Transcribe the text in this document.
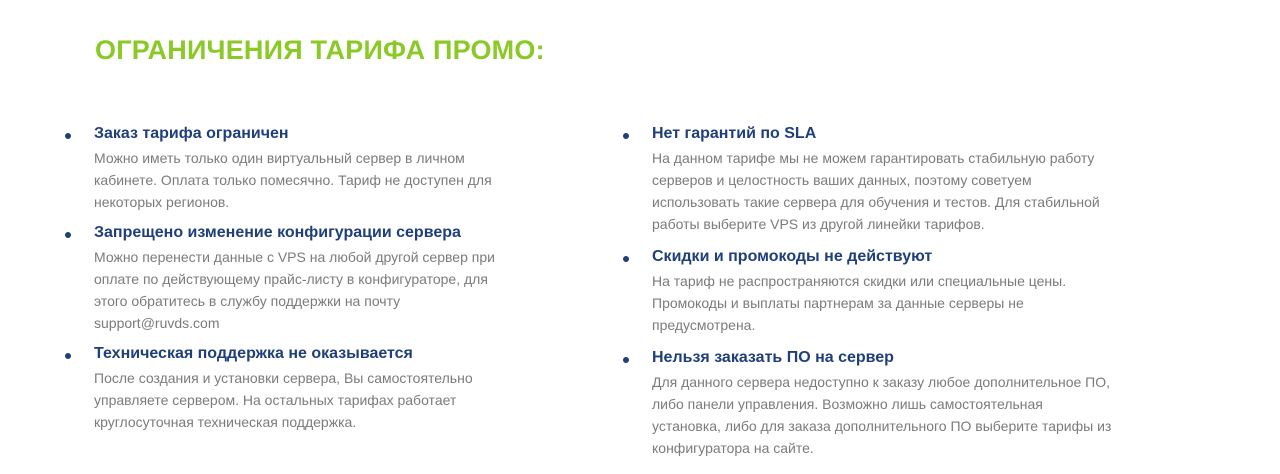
ОГРАНИЧЕНИЯ ТАРИФА ПРОМО:
Заказ тарифа ограничен
Можно иметь только один виртуальный сервер в личном
кабинете. Оплата только помесячно. Тариф не доступен для
некоторых регионов.
Запрещено изменение конфигурации сервера
Можно перенести данные с VPS на любой другой сервер при
оплате по действующему прайс-листу в конфигураторе, для
этого обратитесь в службу поддержки на почту
support@ruvds.com
Техническая поддержка не оказывается
После создания и установки сервера, Вы самостоятельно
управляете сервером. На остальных тарифах работает
круглосуточная техническая поддержка.
Нет гарантий по SLA
На данном тарифе мы не можем гарантировать стабильную работу
серверов и целостность ваших данных, поэтому советуем
использовать такие сервера для обучения и тестов. Для стабильной
работы выберите VPS из другой линейки тарифов.
Скидки и промокоды не действуют
На тариф не распространяются скидки или специальные цены.
Промокоды и выплаты партнерам за данные серверы не
предусмотрена.
Нельзя заказать ПО на сервер
Для данного сервера недоступно к заказу любое дополнительное ПО,
либо панели управления. Возможно лишь самостоятельная
установка, либо для заказа дополнительного ПО выберите тарифы из
конфигуратора на сайте.
